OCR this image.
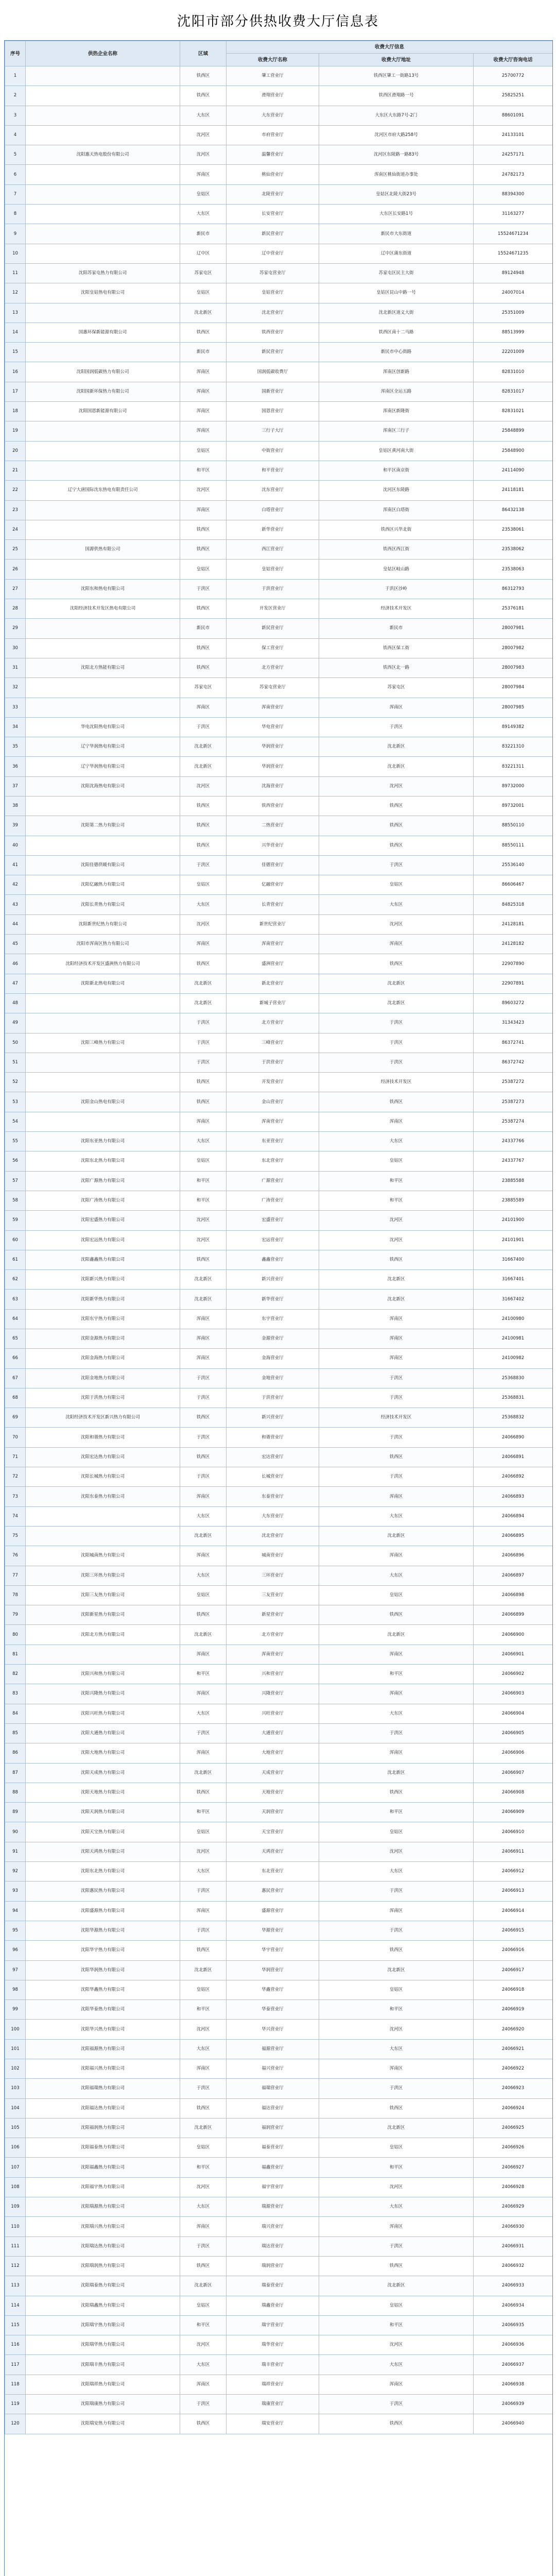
沈阳市部分供热收费大厅信息表
序号	供热企业名称	区域	收费大厅信息		
			收费大厅名称	收费大厅地址	收费大厅咨询电话
1		铁西区	肇工营业厅	铁西区肇工一街路13号	25700772
2		铁西区	滑翔营业厅	铁西区滑翔路一号	25825251
3		大东区	大东营业厅	大东区大东路7号-2门	88601091
4		沈河区	市府营业厅	沈河区市府大路258号	24133101
5	沈阳惠天热电股份有限公司	沈河区	温馨营业厅	沈河区东陵路一路83号	24257171
6		浑南区	桃仙营业厅	浑南区桃仙街道办事处	24782173
7		皇姑区	北陵营业厅	皇姑区北陵大街23号	88394300
8		大东区	长安营业厅	大东区长安路1号	31163277
9		新民市	新民营业厅	新民市大东街道	15524671234
10		辽中区	辽中营业厅	辽中区蒲东街道	15524671235
11	沈阳苏家屯热力有限公司	苏家屯区	苏家屯营业厅	苏家屯区民主大街	89124948
12	沈阳皇姑热电有限公司	皇姑区	皇姑营业厅	皇姑区昆山中路一号	24007014
13		沈北新区	沈北营业厅	沈北新区道义大街	25351009
14	国惠环保新能源有限公司	铁西区	铁西营业厅	铁西区南十二马路	88513999
15		新民市	新民营业厅	新民市中心街路	22201009
16	沈阳国润低碳热力有限公司	浑南区	国润低碳收费厅	浑南区创新路	82831010
17	沈阳国新环保热力有限公司	浑南区	国新营业厅	浑南区全运五路	82831017
18	沈阳国恩新能源有限公司	浑南区	国恩营业厅	浑南区新隆街	82831021
19		浑南区	三行子大厅	浑南区三行子	25848899
20		皇姑区	中街营业厅	皇姑区黄河南大街	25848900
21		和平区	和平营业厅	和平区南京街	24114090
22	辽宁大唐国际沈东热电有限责任公司	沈河区	沈东营业厅	沈河区东陵路	24118181
23		浑南区	白塔营业厅	浑南区白塔街	86432138
24		铁西区	新华营业厅	铁西区兴华北街	23538061
25	国源供热有限公司	铁西区	西江营业厅	铁西区西江街	23538062
26		皇姑区	皇姑营业厅	皇姑区岐山路	23538063
27	沈阳东和热电有限公司	于洪区	于洪营业厅	于洪区沙岭	86312793
28	沈阳经济技术开发区热电有限公司	铁西区	开发区营业厅	经济技术开发区	25376181
29		新民市	新民营业厅	新民市	28007981
30		铁西区	保工营业厅	铁西区保工街	28007982
31	沈阳北方热能有限公司	铁西区	北方营业厅	铁西区北一路	28007983
32		苏家屯区	苏家屯营业厅	苏家屯区	28007984
33		浑南区	浑南营业厅	浑南区	28007985
34	华电沈阳热电有限公司	于洪区	华电营业厅	于洪区	89149382
35	辽宁华润热电有限公司	沈北新区	华润营业厅	沈北新区	83221310
36	辽宁华润热电有限公司	沈北新区	华润营业厅	沈北新区	83221311
37	沈阳沈海热电有限公司	沈河区	沈海营业厅	沈河区	89732000
38		铁西区	铁西营业厅	铁西区	89732001
39	沈阳第二热力有限公司	铁西区	二热营业厅	铁西区	88550110
40		铁西区	兴华营业厅	铁西区	88550111
41	沈阳佳德供暖有限公司	于洪区	佳德营业厅	于洪区	25536140
42	沈阳亿融热力有限公司	皇姑区	亿融营业厅	皇姑区	86606467
43	沈阳长青热力有限公司	大东区	长青营业厅	大东区	84825318
44	沈阳新世纪热力有限公司	沈河区	新世纪营业厅	沈河区	24128181
45	沈阳市浑南区热力有限公司	浑南区	浑南营业厅	浑南区	24128182
46	沈阳经济技术开发区盛洲热力有限公司	铁西区	盛洲营业厅	铁西区	22907890
47	沈阳新北热电有限公司	沈北新区	新北营业厅	沈北新区	22907891
48		沈北新区	新城子营业厅	沈北新区	89603272
49		于洪区	北方营业厅	于洪区	31343423
50	沈阳三峰热力有限公司	于洪区	三峰营业厅	于洪区	86372741
51		于洪区	于洪营业厅	于洪区	86372742
52		铁西区	开发营业厅	经济技术开发区	25387272
53	沈阳金山热电有限公司	铁西区	金山营业厅	铁西区	25387273
54		浑南区	浑南营业厅	浑南区	25387274
55	沈阳东亚热力有限公司	大东区	东亚营业厅	大东区	24337766
56	沈阳东北热力有限公司	皇姑区	东北营业厅	皇姑区	24337767
57	沈阳广源热力有限公司	和平区	广源营业厅	和平区	23885588
58	沈阳广涛热力有限公司	和平区	广涛营业厅	和平区	23885589
59	沈阳宏盛热力有限公司	沈河区	宏盛营业厅	沈河区	24101900
60	沈阳宏远热力有限公司	沈河区	宏远营业厅	沈河区	24101901
61	沈阳鑫鑫热力有限公司	铁西区	鑫鑫营业厅	铁西区	31667400
62	沈阳新兴热力有限公司	沈北新区	新兴营业厅	沈北新区	31667401
63	沈阳新华热力有限公司	沈北新区	新华营业厅	沈北新区	31667402
64	沈阳东宇热力有限公司	浑南区	东宇营业厅	浑南区	24100980
65	沈阳金源热力有限公司	浑南区	金源营业厅	浑南区	24100981
66	沈阳金海热力有限公司	浑南区	金海营业厅	浑南区	24100982
67	沈阳金地热力有限公司	于洪区	金地营业厅	于洪区	25368830
68	沈阳于洪热力有限公司	于洪区	于洪营业厅	于洪区	25368831
69	沈阳经济技术开发区新兴热力有限公司	铁西区	新兴营业厅	经济技术开发区	25368832
70	沈阳和谐热力有限公司	于洪区	和谐营业厅	于洪区	24066890
71	沈阳宏达热力有限公司	铁西区	宏达营业厅	铁西区	24066891
72	沈阳长城热力有限公司	于洪区	长城营业厅	于洪区	24066892
73	沈阳东泰热力有限公司	浑南区	东泰营业厅	浑南区	24066893
74		大东区	大东营业厅	大东区	24066894
75		沈北新区	沈北营业厅	沈北新区	24066895
76	沈阳城南热力有限公司	浑南区	城南营业厅	浑南区	24066896
77	沈阳三环热力有限公司	大东区	三环营业厅	大东区	24066897
78	沈阳三友热力有限公司	皇姑区	三友营业厅	皇姑区	24066898
79	沈阳新星热力有限公司	铁西区	新星营业厅	铁西区	24066899
80	沈阳北方热力有限公司	沈北新区	北方营业厅	沈北新区	24066900
81		浑南区	浑南营业厅	浑南区	24066901
82	沈阳兴和热力有限公司	和平区	兴和营业厅	和平区	24066902
83	沈阳兴隆热力有限公司	浑南区	兴隆营业厅	浑南区	24066903
84	沈阳兴旺热力有限公司	大东区	兴旺营业厅	大东区	24066904
85	沈阳大通热力有限公司	于洪区	大通营业厅	于洪区	24066905
86	沈阳大地热力有限公司	浑南区	大地营业厅	浑南区	24066906
87	沈阳天成热力有限公司	沈北新区	天成营业厅	沈北新区	24066907
88	沈阳天地热力有限公司	铁西区	天地营业厅	铁西区	24066908
89	沈阳天润热力有限公司	和平区	天润营业厅	和平区	24066909
90	沈阳天宝热力有限公司	皇姑区	天宝营业厅	皇姑区	24066910
91	沈阳天鸿热力有限公司	沈河区	天鸿营业厅	沈河区	24066911
92	沈阳东北热力有限公司	大东区	东北营业厅	大东区	24066912
93	沈阳惠民热力有限公司	于洪区	惠民营业厅	于洪区	24066913
94	沈阳盛源热力有限公司	浑南区	盛源营业厅	浑南区	24066914
95	沈阳华源热力有限公司	于洪区	华源营业厅	于洪区	24066915
96	沈阳华宇热力有限公司	铁西区	华宇营业厅	铁西区	24066916
97	沈阳华润热力有限公司	沈北新区	华润营业厅	沈北新区	24066917
98	沈阳华鑫热力有限公司	皇姑区	华鑫营业厅	皇姑区	24066918
99	沈阳华泰热力有限公司	和平区	华泰营业厅	和平区	24066919
100	沈阳华兴热力有限公司	沈河区	华兴营业厅	沈河区	24066920
101	沈阳福源热力有限公司	大东区	福源营业厅	大东区	24066921
102	沈阳福兴热力有限公司	浑南区	福兴营业厅	浑南区	24066922
103	沈阳福瑞热力有限公司	于洪区	福瑞营业厅	于洪区	24066923
104	沈阳福达热力有限公司	铁西区	福达营业厅	铁西区	24066924
105	沈阳福润热力有限公司	沈北新区	福润营业厅	沈北新区	24066925
106	沈阳福泰热力有限公司	皇姑区	福泰营业厅	皇姑区	24066926
107	沈阳福鑫热力有限公司	和平区	福鑫营业厅	和平区	24066927
108	沈阳福宇热力有限公司	沈河区	福宇营业厅	沈河区	24066928
109	沈阳瑞源热力有限公司	大东区	瑞源营业厅	大东区	24066929
110	沈阳瑞兴热力有限公司	浑南区	瑞兴营业厅	浑南区	24066930
111	沈阳瑞达热力有限公司	于洪区	瑞达营业厅	于洪区	24066931
112	沈阳瑞润热力有限公司	铁西区	瑞润营业厅	铁西区	24066932
113	沈阳瑞泰热力有限公司	沈北新区	瑞泰营业厅	沈北新区	24066933
114	沈阳瑞鑫热力有限公司	皇姑区	瑞鑫营业厅	皇姑区	24066934
115	沈阳瑞宇热力有限公司	和平区	瑞宇营业厅	和平区	24066935
116	沈阳瑞华热力有限公司	沈河区	瑞华营业厅	沈河区	24066936
117	沈阳瑞丰热力有限公司	大东区	瑞丰营业厅	大东区	24066937
118	沈阳瑞祥热力有限公司	浑南区	瑞祥营业厅	浑南区	24066938
119	沈阳瑞康热力有限公司	于洪区	瑞康营业厅	于洪区	24066939
120	沈阳瑞安热力有限公司	铁西区	瑞安营业厅	铁西区	24066940
